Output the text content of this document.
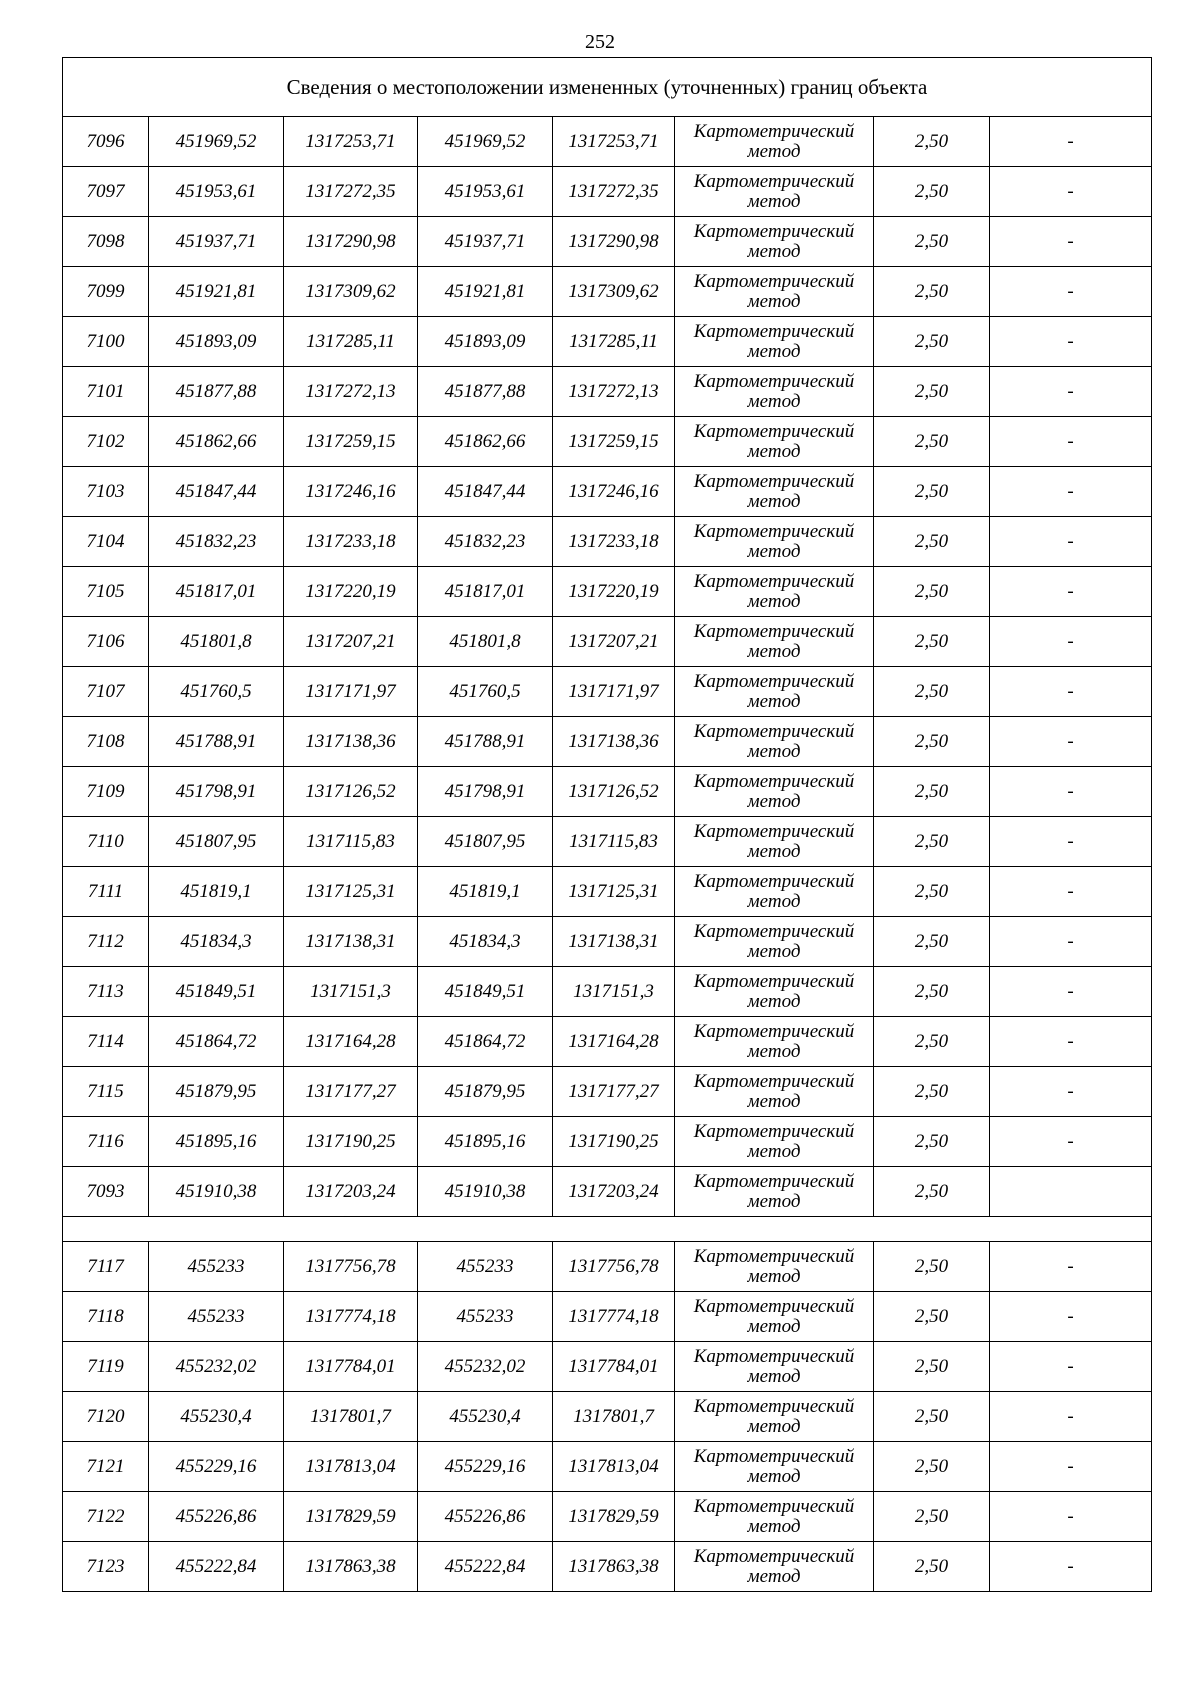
252
Сведения о местоположении измененных (уточненных) границ объекта							
7096	451969,52	1317253,71	451969,52	1317253,71	Картометрический
метод	2,50	-
7097	451953,61	1317272,35	451953,61	1317272,35	Картометрический
метод	2,50	-
7098	451937,71	1317290,98	451937,71	1317290,98	Картометрический
метод	2,50	-
7099	451921,81	1317309,62	451921,81	1317309,62	Картометрический
метод	2,50	-
7100	451893,09	1317285,11	451893,09	1317285,11	Картометрический
метод	2,50	-
7101	451877,88	1317272,13	451877,88	1317272,13	Картометрический
метод	2,50	-
7102	451862,66	1317259,15	451862,66	1317259,15	Картометрический
метод	2,50	-
7103	451847,44	1317246,16	451847,44	1317246,16	Картометрический
метод	2,50	-
7104	451832,23	1317233,18	451832,23	1317233,18	Картометрический
метод	2,50	-
7105	451817,01	1317220,19	451817,01	1317220,19	Картометрический
метод	2,50	-
7106	451801,8	1317207,21	451801,8	1317207,21	Картометрический
метод	2,50	-
7107	451760,5	1317171,97	451760,5	1317171,97	Картометрический
метод	2,50	-
7108	451788,91	1317138,36	451788,91	1317138,36	Картометрический
метод	2,50	-
7109	451798,91	1317126,52	451798,91	1317126,52	Картометрический
метод	2,50	-
7110	451807,95	1317115,83	451807,95	1317115,83	Картометрический
метод	2,50	-
7111	451819,1	1317125,31	451819,1	1317125,31	Картометрический
метод	2,50	-
7112	451834,3	1317138,31	451834,3	1317138,31	Картометрический
метод	2,50	-
7113	451849,51	1317151,3	451849,51	1317151,3	Картометрический
метод	2,50	-
7114	451864,72	1317164,28	451864,72	1317164,28	Картометрический
метод	2,50	-
7115	451879,95	1317177,27	451879,95	1317177,27	Картометрический
метод	2,50	-
7116	451895,16	1317190,25	451895,16	1317190,25	Картометрический
метод	2,50	-
7093	451910,38	1317203,24	451910,38	1317203,24	Картометрический
метод	2,50	

7117	455233	1317756,78	455233	1317756,78	Картометрический
метод	2,50	-
7118	455233	1317774,18	455233	1317774,18	Картометрический
метод	2,50	-
7119	455232,02	1317784,01	455232,02	1317784,01	Картометрический
метод	2,50	-
7120	455230,4	1317801,7	455230,4	1317801,7	Картометрический
метод	2,50	-
7121	455229,16	1317813,04	455229,16	1317813,04	Картометрический
метод	2,50	-
7122	455226,86	1317829,59	455226,86	1317829,59	Картометрический
метод	2,50	-
7123	455222,84	1317863,38	455222,84	1317863,38	Картометрический
метод	2,50	-
